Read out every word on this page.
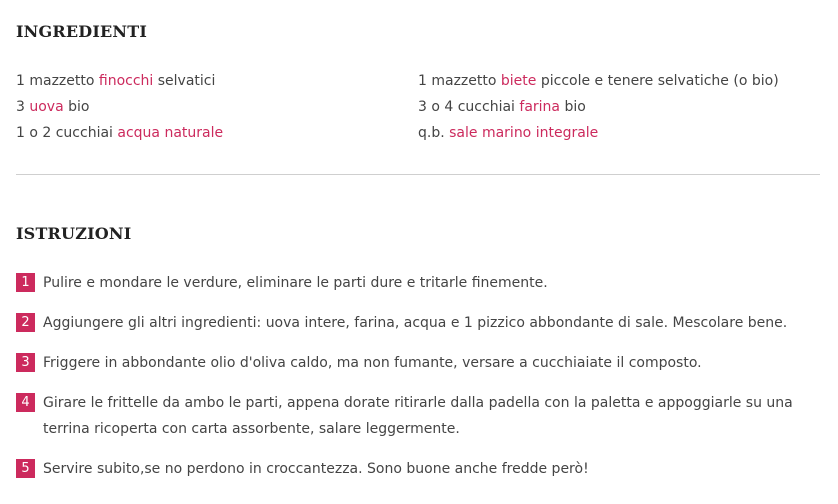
INGREDIENTI
1 mazzetto finocchi selvatici
3 uova bio
1 o 2 cucchiai acqua naturale
1 mazzetto biete piccole e tenere selvatiche (o bio)
3 o 4 cucchiai farina bio
q.b. sale marino integrale
ISTRUZIONI
1 Pulire e mondare le verdure, eliminare le parti dure e tritarle finemente.
2 Aggiungere gli altri ingredienti: uova intere, farina, acqua e 1 pizzico abbondante di sale. Mescolare bene.
3 Friggere in abbondante olio d'oliva caldo, ma non fumante, versare a cucchiaiate il composto.
4 Girare le frittelle da ambo le parti, appena dorate ritirarle dalla padella con la paletta e appoggiarle su una terrina ricoperta con carta assorbente, salare leggermente.
5 Servire subito,se no perdono in croccantezza. Sono buone anche fredde però!
